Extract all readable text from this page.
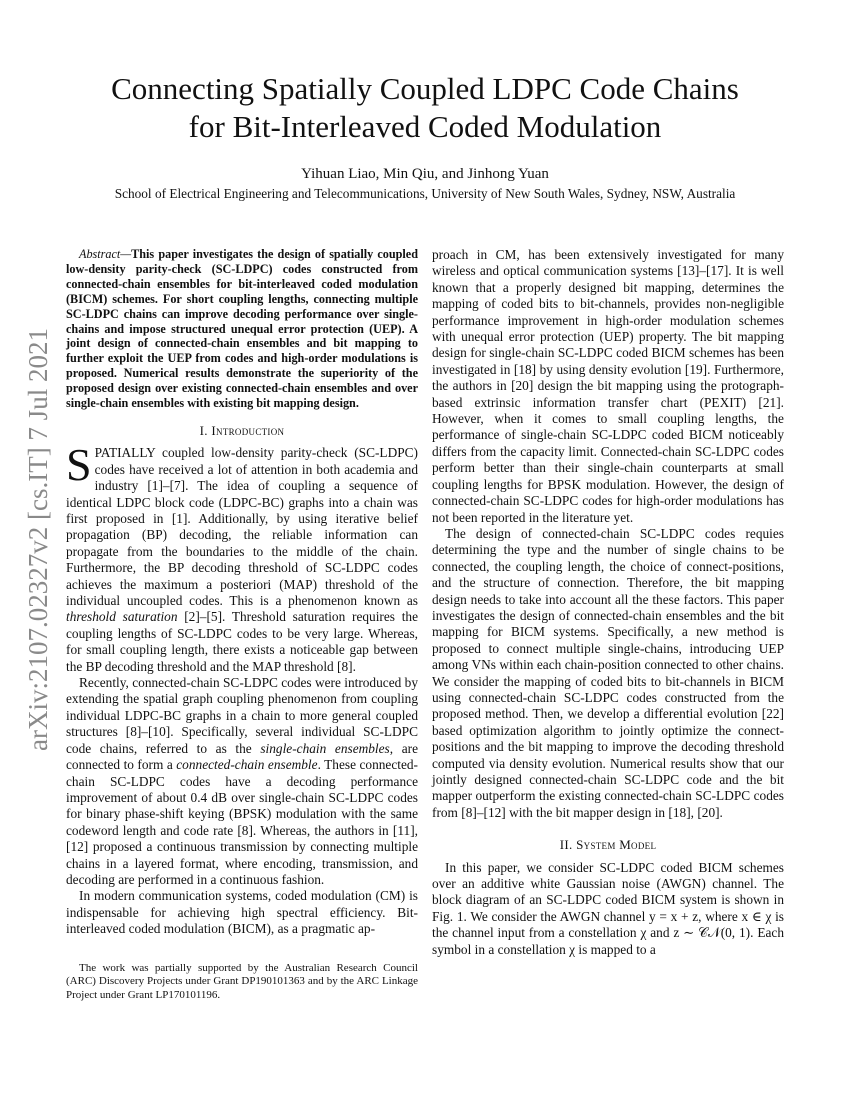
arXiv:2107.02327v2 [cs.IT] 7 Jul 2021
Connecting Spatially Coupled LDPC Code Chains
for Bit-Interleaved Coded Modulation

Yihuan Liao, Min Qiu, and Jinhong Yuan

School of Electrical Engineering and Telecommunications, University of New South Wales, Sydney, NSW, Australia

Abstract—This paper investigates the design of spatially coupled low-density parity-check (SC-LDPC) codes constructed from connected-chain ensembles for bit-interleaved coded modulation (BICM) schemes. For short coupling lengths, connecting multiple SC-LDPC chains can improve decoding performance over single-chains and impose structured unequal error protection (UEP). A joint design of connected-chain ensembles and bit mapping to further exploit the UEP from codes and high-order modulations is proposed. Numerical results demonstrate the superiority of the proposed design over existing connected-chain ensembles and over single-chain ensembles with existing bit mapping design.

I. Introduction

SPATIALLY coupled low-density parity-check (SC-LDPC) codes have received a lot of attention in both academia and industry [1]–[7]. The idea of coupling a sequence of identical LDPC block code (LDPC-BC) graphs into a chain was first proposed in [1]. Additionally, by using iterative belief propagation (BP) decoding, the reliable information can propagate from the boundaries to the middle of the chain. Furthermore, the BP decoding threshold of SC-LDPC codes achieves the maximum a posteriori (MAP) threshold of the individual uncoupled codes. This is a phenomenon known as threshold saturation [2]–[5]. Threshold saturation requires the coupling lengths of SC-LDPC codes to be very large. Whereas, for small coupling length, there exists a noticeable gap between the BP decoding threshold and the MAP threshold [8].

Recently, connected-chain SC-LDPC codes were introduced by extending the spatial graph coupling phenomenon from coupling individual LDPC-BC graphs in a chain to more general coupled structures [8]–[10]. Specifically, several individual SC-LDPC code chains, referred to as the single-chain ensembles, are connected to form a connected-chain ensemble. These connected-chain SC-LDPC codes have a decoding performance improvement of about 0.4 dB over single-chain SC-LDPC codes for binary phase-shift keying (BPSK) modulation with the same codeword length and code rate [8]. Whereas, the authors in [11], [12] proposed a continuous transmission by connecting multiple chains in a layered format, where encoding, transmission, and decoding are performed in a continuous fashion.

In modern communication systems, coded modulation (CM) is indispensable for achieving high spectral efficiency. Bit-interleaved coded modulation (BICM), as a pragmatic ap-

The work was partially supported by the Australian Research Council (ARC) Discovery Projects under Grant DP190101363 and by the ARC Linkage Project under Grant LP170101196.

proach in CM, has been extensively investigated for many wireless and optical communication systems [13]–[17]. It is well known that a properly designed bit mapping, determines the mapping of coded bits to bit-channels, provides non-negligible performance improvement in high-order modulation schemes with unequal error protection (UEP) property. The bit mapping design for single-chain SC-LDPC coded BICM schemes has been investigated in [18] by using density evolution [19]. Furthermore, the authors in [20] design the bit mapping using the protograph-based extrinsic information transfer chart (PEXIT) [21]. However, when it comes to small coupling lengths, the performance of single-chain SC-LDPC coded BICM noticeably differs from the capacity limit. Connected-chain SC-LDPC codes perform better than their single-chain counterparts at small coupling lengths for BPSK modulation. However, the design of connected-chain SC-LDPC codes for high-order modulations has not been reported in the literature yet.

The design of connected-chain SC-LDPC codes requies determining the type and the number of single chains to be connected, the coupling length, the choice of connect-positions, and the structure of connection. Therefore, the bit mapping design needs to take into account all the these factors. This paper investigates the design of connected-chain ensembles and the bit mapping for BICM systems. Specifically, a new method is proposed to connect multiple single-chains, introducing UEP among VNs within each chain-position connected to other chains. We consider the mapping of coded bits to bit-channels in BICM using connected-chain SC-LDPC codes constructed from the proposed method. Then, we develop a differential evolution [22] based optimization algorithm to jointly optimize the connect-positions and the bit mapping to improve the decoding threshold computed via density evolution. Numerical results show that our jointly designed connected-chain SC-LDPC code and the bit mapper outperform the existing connected-chain SC-LDPC codes from [8]–[12] with the bit mapper design in [18], [20].

II. System Model

In this paper, we consider SC-LDPC coded BICM schemes over an additive white Gaussian noise (AWGN) channel. The block diagram of an SC-LDPC coded BICM system is shown in Fig. 1. We consider the AWGN channel y = x + z, where x ∈ χ is the channel input from a constellation χ and z ∼ 𝒞𝒩(0, 1). Each symbol in a constellation χ is mapped to a
